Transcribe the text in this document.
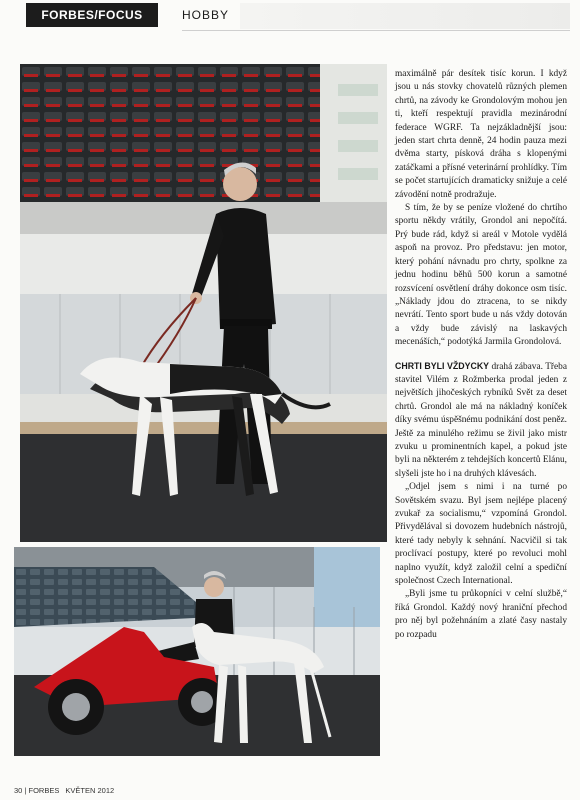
FORBES/FOCUS	HOBBY

maximálně pár desítek tisíc korun. I když jsou u nás stovky chovatelů různých plemen chrtů, na závody ke Grondolovým mohou jen ti, kteří respektují pravidla mezinárodní federace WGRF. Ta nejzákladnější jsou: jeden start chrta denně, 24 hodin pauza mezi dvěma starty, písková dráha s klopenými zatáčkami a přísné veterinární prohlídky. Tím se počet startujících dramaticky snižuje a celé závodění notně prodražuje.

S tím, že by se peníze vložené do chrtího sportu někdy vrátily, Grondol ani nepočítá. Prý bude rád, když si areál v Motole vydělá aspoň na provoz. Pro představu: jen motor, který pohání návnadu pro chrty, spolkne za jednu hodinu běhů 500 korun a samotné rozsvícení osvětlení dráhy dokonce osm tisíc. „Náklady jdou do ztracena, to se nikdy nevrátí. Tento sport bude u nás vždy dotován a vždy bude závislý na laskavých mecenáších,“ podotýká Jarmila Grondolová.

CHRTI BYLI VŽDYCKY drahá zábava. Třeba stavitel Vilém z Rožmberka prodal jeden z největších jihočeských rybníků Svět za deset chrtů. Grondol ale má na nákladný koníček díky svému úspěšnému podnikání dost peněz. Ještě za minulého režimu se živil jako mistr zvuku u prominentních kapel, a pokud jste byli na některém z tehdejších koncertů Elánu, slyšeli jste ho i na druhých klávesách.

„Odjel jsem s nimi i na turné po Sovětském svazu. Byl jsem nejlépe placený zvukař za socialismu,“ vzpomíná Grondol. Přivydělával si dovozem hudebních nástrojů, které tady nebyly k sehnání. Nacvičil si tak proclívací postupy, které po revoluci mohl naplno využít, když založil celní a spediční společnost Czech International.

„Byli jsme tu průkopníci v celní službě,“ říká Grondol. Každý nový hraniční přechod pro něj byl požehnáním a zlaté časy nastaly po rozpadu

30 | FORBES KVĚTEN 2012
